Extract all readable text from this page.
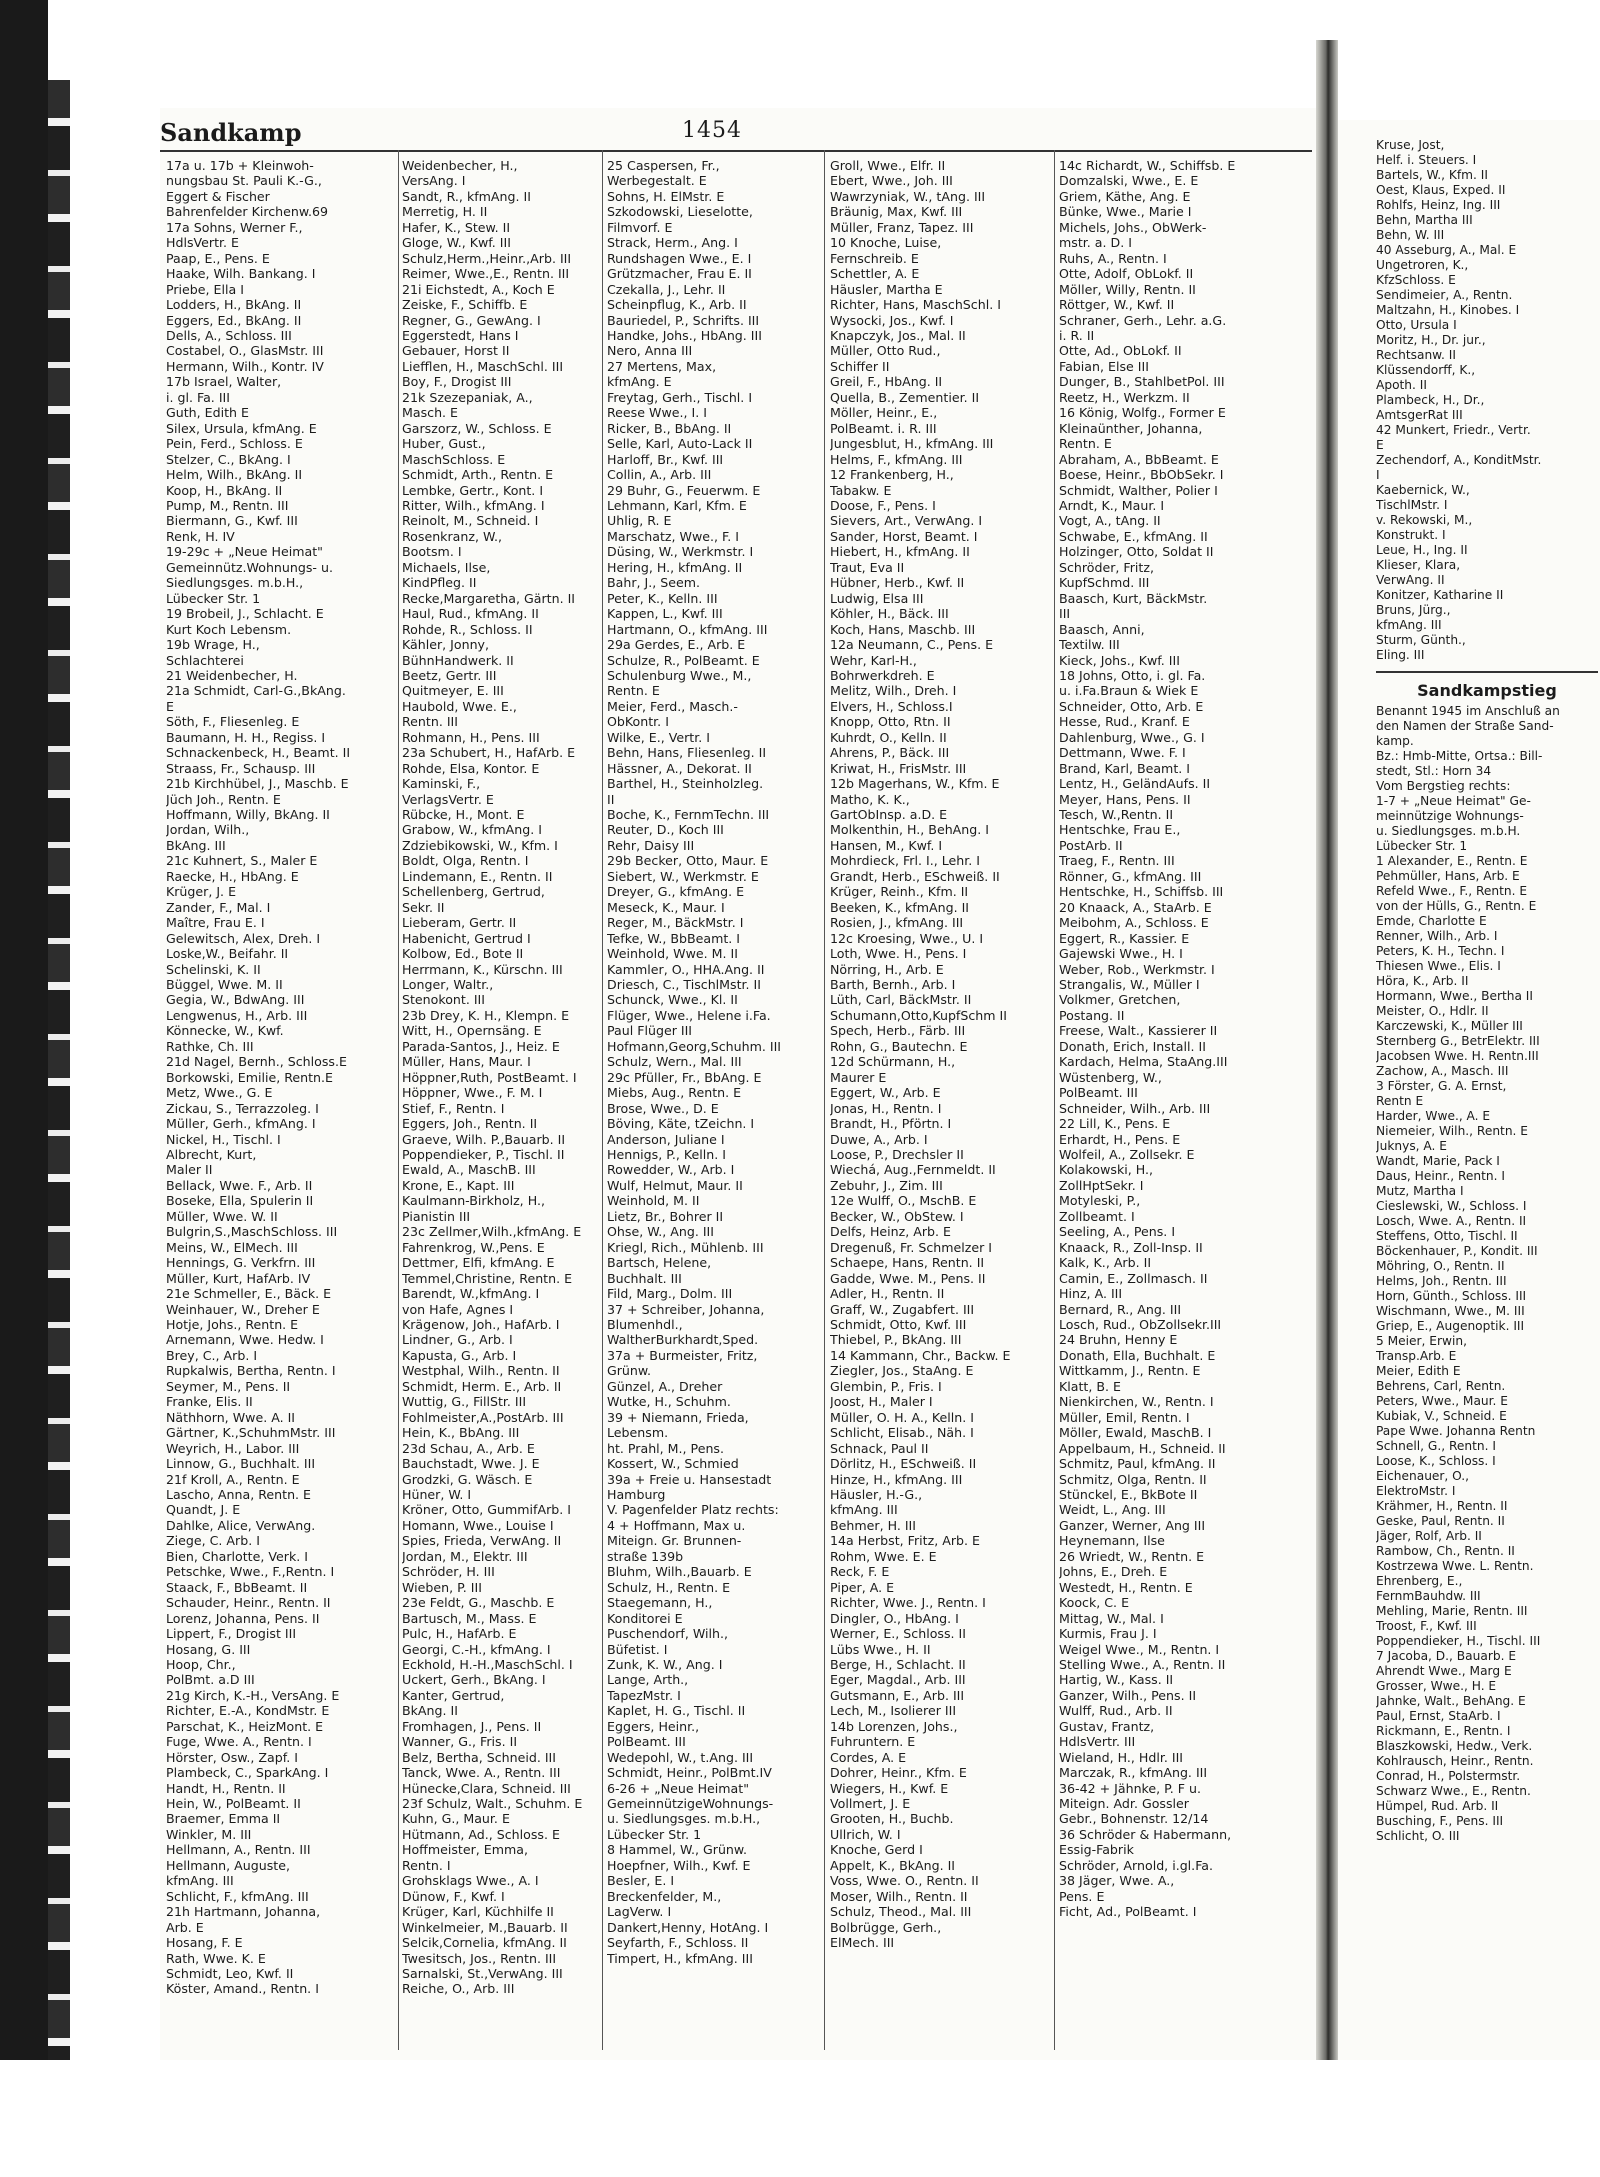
Sandkamp	1454
17a u. 17b + Kleinwoh-
nungsbau St. Pauli K.-G.,
Eggert & Fischer
Bahrenfelder Kirchenw.69
17a Sohns, Werner F.,
HdlsVertr. E
Paap, E., Pens. E
Haake, Wilh. Bankang. I
Priebe, Ella I
Lodders, H., BkAng. II
Eggers, Ed., BkAng. II
Dells, A., Schloss. III
Costabel, O., GlasMstr. III
Hermann, Wilh., Kontr. IV
17b Israel, Walter,
i. gl. Fa. III
Guth, Edith E
Silex, Ursula, kfmAng. E
Pein, Ferd., Schloss. E
Stelzer, C., BkAng. I
Helm, Wilh., BkAng. II
Koop, H., BkAng. II
Pump, M., Rentn. III
Biermann, G., Kwf. III
Renk, H. IV
19-29c + „Neue Heimat"
Gemeinnütz.Wohnungs- u.
Siedlungsges. m.b.H.,
Lübecker Str. 1
19 Brobeil, J., Schlacht. E
Kurt Koch Lebensm.
19b Wrage, H.,
Schlachterei
21 Weidenbecher, H.
21a Schmidt, Carl-G.,BkAng.
E
Söth, F., Fliesenleg. E
Baumann, H. H., Regiss. I
Schnackenbeck, H., Beamt. II
Straass, Fr., Schausp. III
21b Kirchhübel, J., Maschb. E
Jüch Joh., Rentn. E
Hoffmann, Willy, BkAng. II
Jordan, Wilh.,
BkAng. III
21c Kuhnert, S., Maler E
Raecke, H., HbAng. E
Krüger, J. E
Zander, F., Mal. I
Maître, Frau E. I
Gelewitsch, Alex, Dreh. I
Loske,W., Beifahr. II
Schelinski, K. II
Büggel, Wwe. M. II
Gegia, W., BdwAng. III
Lengwenus, H., Arb. III
Könnecke, W., Kwf.
Rathke, Ch. III
21d Nagel, Bernh., Schloss.E
Borkowski, Emilie, Rentn.E
Metz, Wwe., G. E
Zickau, S., Terrazzoleg. I
Müller, Gerh., kfmAng. I
Nickel, H., Tischl. I
Albrecht, Kurt,
Maler II
Bellack, Wwe. F., Arb. II
Boseke, Ella, Spulerin II
Müller, Wwe. W. II
Bulgrin,S.,MaschSchloss. III
Meins, W., ElMech. III
Hennings, G. Verkfrn. III
Müller, Kurt, HafArb. IV
21e Schmeller, E., Bäck. E
Weinhauer, W., Dreher E
Hotje, Johs., Rentn. E
Arnemann, Wwe. Hedw. I
Brey, C., Arb. I
Rupkalwis, Bertha, Rentn. I
Seymer, M., Pens. II
Franke, Elis. II
Näthhorn, Wwe. A. II
Gärtner, K.,SchuhmMstr. III
Weyrich, H., Labor. III
Linnow, G., Buchhalt. III
21f Kroll, A., Rentn. E
Lascho, Anna, Rentn. E
Quandt, J. E
Dahlke, Alice, VerwAng.
Ziege, C. Arb. I
Bien, Charlotte, Verk. I
Petschke, Wwe., F.,Rentn. I
Staack, F., BbBeamt. II
Schauder, Heinr., Rentn. II
Lorenz, Johanna, Pens. II
Lippert, F., Drogist III
Hosang, G. III
Hoop, Chr.,
PolBmt. a.D III
21g Kirch, K.-H., VersAng. E
Richter, E.-A., KondMstr. E
Parschat, K., HeizMont. E
Fuge, Wwe. A., Rentn. I
Hörster, Osw., Zapf. I
Plambeck, C., SparkAng. I
Handt, H., Rentn. II
Hein, W., PolBeamt. II
Braemer, Emma II
Winkler, M. III
Hellmann, A., Rentn. III
Hellmann, Auguste,
kfmAng. III
Schlicht, F., kfmAng. III
21h Hartmann, Johanna,
Arb. E
Hosang, F. E
Rath, Wwe. K. E
Schmidt, Leo, Kwf. II
Köster, Amand., Rentn. I
Weidenbecher, H.,
VersAng. I
Sandt, R., kfmAng. II
Merretig, H. II
Hafer, K., Stew. II
Gloge, W., Kwf. III
Schulz,Herm.,Heinr.,Arb. III
Reimer, Wwe.,E., Rentn. III
21i Eichstedt, A., Koch E
Zeiske, F., Schiffb. E
Regner, G., GewAng. I
Eggerstedt, Hans I
Gebauer, Horst II
Liefflen, H., MaschSchl. III
Boy, F., Drogist III
21k Szezepaniak, A.,
Masch. E
Garszorz, W., Schloss. E
Huber, Gust.,
MaschSchloss. E
Schmidt, Arth., Rentn. E
Lembke, Gertr., Kont. I
Ritter, Wilh., kfmAng. I
Reinolt, M., Schneid. I
Rosenkranz, W.,
Bootsm. I
Michaels, Ilse,
KindPfleg. II
Recke,Margaretha, Gärtn. II
Haul, Rud., kfmAng. II
Rohde, R., Schloss. II
Kähler, Jonny,
BühnHandwerk. II
Beetz, Gertr. III
Quitmeyer, E. III
Haubold, Wwe. E.,
Rentn. III
Rohmann, H., Pens. III
23a Schubert, H., HafArb. E
Rohde, Elsa, Kontor. E
Kaminski, F.,
VerlagsVertr. E
Rübcke, H., Mont. E
Grabow, W., kfmAng. I
Zdziebikowski, W., Kfm. I
Boldt, Olga, Rentn. I
Lindemann, E., Rentn. II
Schellenberg, Gertrud,
Sekr. II
Lieberam, Gertr. II
Habenicht, Gertrud I
Kolbow, Ed., Bote II
Herrmann, K., Kürschn. III
Longer, Waltr.,
Stenokont. III
23b Drey, K. H., Klempn. E
Witt, H., Opernsäng. E
Parada-Santos, J., Heiz. E
Müller, Hans, Maur. I
Höppner,Ruth, PostBeamt. I
Höppner, Wwe., F. M. I
Stief, F., Rentn. I
Eggers, Joh., Rentn. II
Graeve, Wilh. P.,Bauarb. II
Poppendieker, P., Tischl. II
Ewald, A., MaschB. III
Krone, E., Kapt. III
Kaulmann-Birkholz, H.,
Pianistin III
23c Zellmer,Wilh.,kfmAng. E
Fahrenkrog, W.,Pens. E
Dettmer, Elfi, kfmAng. E
Temmel,Christine, Rentn. E
Barendt, W.,kfmAng. I
von Hafe, Agnes I
Krägenow, Joh., HafArb. I
Lindner, G., Arb. I
Kapusta, G., Arb. I
Westphal, Wilh., Rentn. II
Schmidt, Herm. E., Arb. II
Wuttig, G., FillStr. III
Fohlmeister,A.,PostArb. III
Hein, K., BbAng. III
23d Schau, A., Arb. E
Bauchstadt, Wwe. J. E
Grodzki, G. Wäsch. E
Hüner, W. I
Kröner, Otto, GummifArb. I
Homann, Wwe., Louise I
Spies, Frieda, VerwAng. II
Jordan, M., Elektr. III
Schröder, H. III
Wieben, P. III
23e Feldt, G., Maschb. E
Bartusch, M., Mass. E
Pulc, H., HafArb. E
Georgi, C.-H., kfmAng. I
Eckhold, H.-H.,MaschSchl. I
Uckert, Gerh., BkAng. I
Kanter, Gertrud,
BkAng. II
Fromhagen, J., Pens. II
Wanner, G., Fris. II
Belz, Bertha, Schneid. III
Tanck, Wwe. A., Rentn. III
Hünecke,Clara, Schneid. III
23f Schulz, Walt., Schuhm. E
Kuhn, G., Maur. E
Hütmann, Ad., Schloss. E
Hoffmeister, Emma,
Rentn. I
Grohsklags Wwe., A. I
Dünow, F., Kwf. I
Krüger, Karl, Küchhilfe II
Winkelmeier, M.,Bauarb. II
Selcik,Cornelia, kfmAng. II
Twesitsch, Jos., Rentn. III
Sarnalski, St.,VerwAng. III
Reiche, O., Arb. III
25 Caspersen, Fr.,
Werbegestalt. E
Sohns, H. ElMstr. E
Szkodowski, Lieselotte,
Filmvorf. E
Strack, Herm., Ang. I
Rundshagen Wwe., E. I
Grützmacher, Frau E. II
Czekalla, J., Lehr. II
Scheinpflug, K., Arb. II
Bauriedel, P., Schrifts. III
Handke, Johs., HbAng. III
Nero, Anna III
27 Mertens, Max,
kfmAng. E
Freytag, Gerh., Tischl. I
Reese Wwe., I. I
Ricker, B., BbAng. II
Selle, Karl, Auto-Lack II
Harloff, Br., Kwf. III
Collin, A., Arb. III
29 Buhr, G., Feuerwm. E
Lehmann, Karl, Kfm. E
Uhlig, R. E
Marschatz, Wwe., F. I
Düsing, W., Werkmstr. I
Hering, H., kfmAng. II
Bahr, J., Seem.
Peter, K., Kelln. III
Kappen, L., Kwf. III
Hartmann, O., kfmAng. III
29a Gerdes, E., Arb. E
Schulze, R., PolBeamt. E
Schulenburg Wwe., M.,
Rentn. E
Meier, Ferd., Masch.-
ObKontr. I
Wilke, E., Vertr. I
Behn, Hans, Fliesenleg. II
Hässner, A., Dekorat. II
Barthel, H., Steinholzleg.
II
Boche, K., FernmTechn. III
Reuter, D., Koch III
Rehr, Daisy III
29b Becker, Otto, Maur. E
Siebert, W., Werkmstr. E
Dreyer, G., kfmAng. E
Meseck, K., Maur. I
Reger, M., BäckMstr. I
Tefke, W., BbBeamt. I
Weinhold, Wwe. M. II
Kammler, O., HHA.Ang. II
Driesch, C., TischlMstr. II
Schunck, Wwe., Kl. II
Flüger, Wwe., Helene i.Fa.
Paul Flüger III
Hofmann,Georg,Schuhm. III
Schulz, Wern., Mal. III
29c Pfüller, Fr., BbAng. E
Miebs, Aug., Rentn. E
Brose, Wwe., D. E
Böving, Käte, tZeichn. I
Anderson, Juliane I
Hennigs, P., Kelln. I
Rowedder, W., Arb. I
Wulf, Helmut, Maur. II
Weinhold, M. II
Lietz, Br., Bohrer II
Ohse, W., Ang. III
Kriegl, Rich., Mühlenb. III
Bartsch, Helene,
Buchhalt. III
Fild, Marg., Dolm. III
37 + Schreiber, Johanna,
Blumenhdl.,
WaltherBurkhardt,Sped.
37a + Burmeister, Fritz,
Grünw.
Günzel, A., Dreher
Wutke, H., Schuhm.
39 + Niemann, Frieda,
Lebensm.
ht. Prahl, M., Pens.
Kossert, W., Schmied
39a + Freie u. Hansestadt
Hamburg
V. Pagenfelder Platz rechts:
4 + Hoffmann, Max u.
Miteign. Gr. Brunnen-
straße 139b
Bluhm, Wilh.,Bauarb. E
Schulz, H., Rentn. E
Staegemann, H.,
Konditorei E
Puschendorf, Wilh.,
Büfetist. I
Zunk, K. W., Ang. I
Lange, Arth.,
TapezMstr. I
Kaplet, H. G., Tischl. II
Eggers, Heinr.,
PolBeamt. III
Wedepohl, W., t.Ang. III
Schmidt, Heinr., PolBmt.IV
6-26 + „Neue Heimat"
GemeinnützigeWohnungs-
u. Siedlungsges. m.b.H.,
Lübecker Str. 1
8 Hammel, W., Grünw.
Hoepfner, Wilh., Kwf. E
Besler, E. I
Breckenfelder, M.,
LagVerw. I
Dankert,Henny, HotAng. I
Seyfarth, F., Schloss. II
Timpert, H., kfmAng. III
Groll, Wwe., Elfr. II
Ebert, Wwe., Joh. III
Wawrzyniak, W., tAng. III
Bräunig, Max, Kwf. III
Müller, Franz, Tapez. III
10 Knoche, Luise,
Fernschreib. E
Schettler, A. E
Häusler, Martha E
Richter, Hans, MaschSchl. I
Wysocki, Jos., Kwf. I
Knapczyk, Jos., Mal. II
Müller, Otto Rud.,
Schiffer II
Greil, F., HbAng. II
Quella, B., Zementier. II
Möller, Heinr., E.,
PolBeamt. i. R. III
Jungesblut, H., kfmAng. III
Helms, F., kfmAng. III
12 Frankenberg, H.,
Tabakw. E
Doose, F., Pens. I
Sievers, Art., VerwAng. I
Sander, Horst, Beamt. I
Hiebert, H., kfmAng. II
Traut, Eva II
Hübner, Herb., Kwf. II
Ludwig, Elsa III
Köhler, H., Bäck. III
Koch, Hans, Maschb. III
12a Neumann, C., Pens. E
Wehr, Karl-H.,
Bohrwerkdreh. E
Melitz, Wilh., Dreh. I
Elvers, H., Schloss.I
Knopp, Otto, Rtn. II
Kuhrdt, O., Kelln. II
Ahrens, P., Bäck. III
Kriwat, H., FrisMstr. III
12b Magerhans, W., Kfm. E
Matho, K. K.,
GartObInsp. a.D. E
Molkenthin, H., BehAng. I
Hansen, M., Kwf. I
Mohrdieck, Frl. I., Lehr. I
Grandt, Herb., ESchweiß. II
Krüger, Reinh., Kfm. II
Beeken, K., kfmAng. II
Rosien, J., kfmAng. III
12c Kroesing, Wwe., U. I
Loth, Wwe. H., Pens. I
Nörring, H., Arb. E
Barth, Bernh., Arb. I
Lüth, Carl, BäckMstr. II
Schumann,Otto,KupfSchm II
Spech, Herb., Färb. III
Rohn, G., Bautechn. E
12d Schürmann, H.,
Maurer E
Eggert, W., Arb. E
Jonas, H., Rentn. I
Brandt, H., Pförtn. I
Duwe, A., Arb. I
Loose, P., Drechsler II
Wiechá, Aug.,Fernmeldt. II
Zebuhr, J., Zim. III
12e Wulff, O., MschB. E
Becker, W., ObStew. I
Delfs, Heinz, Arb. E
Dregenuß, Fr. Schmelzer I
Schaepe, Hans, Rentn. II
Gadde, Wwe. M., Pens. II
Adler, H., Rentn. II
Graff, W., Zugabfert. III
Schmidt, Otto, Kwf. III
Thiebel, P., BkAng. III
14 Kammann, Chr., Backw. E
Ziegler, Jos., StaAng. E
Glembin, P., Fris. I
Joost, H., Maler I
Müller, O. H. A., Kelln. I
Schlicht, Elisab., Näh. I
Schnack, Paul II
Dörlitz, H., ESchweiß. II
Hinze, H., kfmAng. III
Häusler, H.-G.,
kfmAng. III
Behmer, H. III
14a Herbst, Fritz, Arb. E
Rohm, Wwe. E. E
Reck, F. E
Piper, A. E
Richter, Wwe. J., Rentn. I
Dingler, O., HbAng. I
Werner, E., Schloss. II
Lübs Wwe., H. II
Berge, H., Schlacht. II
Eger, Magdal., Arb. III
Gutsmann, E., Arb. III
Lech, M., Isolierer III
14b Lorenzen, Johs.,
Fuhruntern. E
Cordes, A. E
Dohrer, Heinr., Kfm. E
Wiegers, H., Kwf. E
Vollmert, J. E
Grooten, H., Buchb.
Ullrich, W. I
Knoche, Gerd I
Appelt, K., BkAng. II
Voss, Wwe. O., Rentn. II
Moser, Wilh., Rentn. II
Schulz, Theod., Mal. III
Bolbrügge, Gerh.,
ElMech. III
14c Richardt, W., Schiffsb. E
Domzalski, Wwe., E. E
Griem, Käthe, Ang. E
Bünke, Wwe., Marie I
Michels, Johs., ObWerk-
mstr. a. D. I
Ruhs, A., Rentn. I
Otte, Adolf, ObLokf. II
Möller, Willy, Rentn. II
Röttger, W., Kwf. II
Schraner, Gerh., Lehr. a.G.
i. R. II
Otte, Ad., ObLokf. II
Fabian, Else III
Dunger, B., StahlbetPol. III
Reetz, H., Werkzm. II
16 König, Wolfg., Former E
Kleinaünther, Johanna,
Rentn. E
Abraham, A., BbBeamt. E
Boese, Heinr., BbObSekr. I
Schmidt, Walther, Polier I
Arndt, K., Maur. I
Vogt, A., tAng. II
Schwabe, E., kfmAng. II
Holzinger, Otto, Soldat II
Schröder, Fritz,
KupfSchmd. III
Baasch, Kurt, BäckMstr.
III
Baasch, Anni,
Textilw. III
Kieck, Johs., Kwf. III
18 Johns, Otto, i. gl. Fa.
u. i.Fa.Braun & Wiek E
Schneider, Otto, Arb. E
Hesse, Rud., Kranf. E
Dahlenburg, Wwe., G. I
Dettmann, Wwe. F. I
Brand, Karl, Beamt. I
Lentz, H., GeländAufs. II
Meyer, Hans, Pens. II
Tesch, W.,Rentn. II
Hentschke, Frau E.,
PostArb. II
Traeg, F., Rentn. III
Rönner, G., kfmAng. III
Hentschke, H., Schiffsb. III
20 Knaack, A., StaArb. E
Meibohm, A., Schloss. E
Eggert, R., Kassier. E
Gajewski Wwe., H. I
Weber, Rob., Werkmstr. I
Strangalis, W., Müller I
Volkmer, Gretchen,
Postang. II
Freese, Walt., Kassierer II
Donath, Erich, Install. II
Kardach, Helma, StaAng.III
Wüstenberg, W.,
PolBeamt. III
Schneider, Wilh., Arb. III
22 Lill, K., Pens. E
Erhardt, H., Pens. E
Wolfeil, A., Zollsekr. E
Kolakowski, H.,
ZollHptSekr. I
Motyleski, P.,
Zollbeamt. I
Seeling, A., Pens. I
Knaack, R., Zoll-Insp. II
Kalk, K., Arb. II
Camin, E., Zollmasch. II
Hinz, A. III
Bernard, R., Ang. III
Losch, Rud., ObZollsekr.III
24 Bruhn, Henny E
Donath, Ella, Buchhalt. E
Wittkamm, J., Rentn. E
Klatt, B. E
Nienkirchen, W., Rentn. I
Müller, Emil, Rentn. I
Möller, Ewald, MaschB. I
Appelbaum, H., Schneid. II
Schmitz, Paul, kfmAng. II
Schmitz, Olga, Rentn. II
Stünckel, E., BkBote II
Weidt, L., Ang. III
Ganzer, Werner, Ang III
Heynemann, Ilse
26 Wriedt, W., Rentn. E
Johns, E., Dreh. E
Westedt, H., Rentn. E
Koock, C. E
Mittag, W., Mal. I
Kurmis, Frau J. I
Weigel Wwe., M., Rentn. I
Stelling Wwe., A., Rentn. II
Hartig, W., Kass. II
Ganzer, Wilh., Pens. II
Wulff, Rud., Arb. II
Gustav, Frantz,
HdlsVertr. III
Wieland, H., Hdlr. III
Marczak, R., kfmAng. III
36-42 + Jähnke, P. F u.
Miteign. Adr. Gossler
Gebr., Bohnenstr. 12/14
36 Schröder & Habermann,
Essig-Fabrik
Schröder, Arnold, i.gl.Fa.
38 Jäger, Wwe. A.,
Pens. E
Ficht, Ad., PolBeamt. I
Kruse, Jost,
Helf. i. Steuers. I
Bartels, W., Kfm. II
Oest, Klaus, Exped. II
Rohlfs, Heinz, Ing. III
Behn, Martha III
Behn, W. III
40 Asseburg, A., Mal. E
Ungetroren, K.,
KfzSchloss. E
Sendimeier, A., Rentn.
Maltzahn, H., Kinobes. I
Otto, Ursula I
Moritz, H., Dr. jur.,
Rechtsanw. II
Klüssendorff, K.,
Apoth. II
Plambeck, H., Dr.,
AmtsgerRat III
42 Munkert, Friedr., Vertr.
E
Zechendorf, A., KonditMstr.
I
Kaebernick, W.,
TischlMstr. I
v. Rekowski, M.,
Konstrukt. I
Leue, H., Ing. II
Klieser, Klara,
VerwAng. II
Konitzer, Katharine II
Bruns, Jürg.,
kfmAng. III
Sturm, Günth.,
Eling. III
Sandkampstieg
Benannt 1945 im Anschluß an
den Namen der Straße Sand-
kamp.
Bz.: Hmb-Mitte, Ortsa.: Bill-
stedt, Stl.: Horn 34
Vom Bergstieg rechts:
1-7 + „Neue Heimat" Ge-
meinnützige Wohnungs-
u. Siedlungsges. m.b.H.
Lübecker Str. 1
1 Alexander, E., Rentn. E
Pehmüller, Hans, Arb. E
Refeld Wwe., F., Rentn. E
von der Hülls, G., Rentn. E
Emde, Charlotte E
Renner, Wilh., Arb. I
Peters, K. H., Techn. I
Thiesen Wwe., Elis. I
Höra, K., Arb. II
Hormann, Wwe., Bertha II
Meister, O., Hdlr. II
Karczewski, K., Müller III
Sternberg G., BetrElektr. III
Jacobsen Wwe. H. Rentn.III
Zachow, A., Masch. III
3 Förster, G. A. Ernst,
Rentn E
Harder, Wwe., A. E
Niemeier, Wilh., Rentn. E
Juknys, A. E
Wandt, Marie, Pack I
Daus, Heinr., Rentn. I
Mutz, Martha I
Cieslewski, W., Schloss. I
Losch, Wwe. A., Rentn. II
Steffens, Otto, Tischl. II
Böckenhauer, P., Kondit. III
Möhring, O., Rentn. II
Helms, Joh., Rentn. III
Horn, Günth., Schloss. III
Wischmann, Wwe., M. III
Griep, E., Augenoptik. III
5 Meier, Erwin,
Transp.Arb. E
Meier, Edith E
Behrens, Carl, Rentn.
Peters, Wwe., Maur. E
Kubiak, V., Schneid. E
Pape Wwe. Johanna Rentn
Schnell, G., Rentn. I
Loose, K., Schloss. I
Eichenauer, O.,
ElektroMstr. I
Krähmer, H., Rentn. II
Geske, Paul, Rentn. II
Jäger, Rolf, Arb. II
Rambow, Ch., Rentn. II
Kostrzewa Wwe. L. Rentn.
Ehrenberg, E.,
FernmBauhdw. III
Mehling, Marie, Rentn. III
Troost, F., Kwf. III
Poppendieker, H., Tischl. III
7 Jacoba, D., Bauarb. E
Ahrendt Wwe., Marg E
Grosser, Wwe., H. E
Jahnke, Walt., BehAng. E
Paul, Ernst, StaArb. I
Rickmann, E., Rentn. I
Blaszkowski, Hedw., Verk.
Kohlrausch, Heinr., Rentn.
Conrad, H., Polstermstr.
Schwarz Wwe., E., Rentn.
Hümpel, Rud. Arb. II
Busching, F., Pens. III
Schlicht, O. III
